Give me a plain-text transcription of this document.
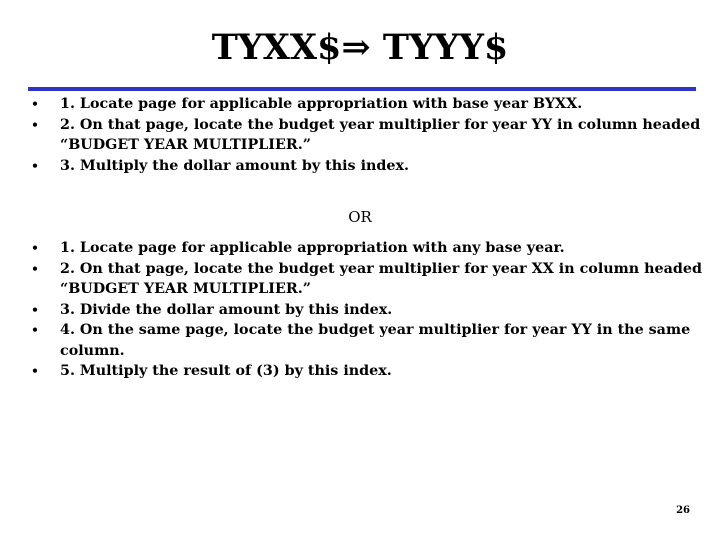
TYXX$⇒ TYYY$
• 1. Locate page for applicable appropriation with base year BYXX.
• 2. On that page, locate the budget year multiplier for year YY in column headed
“BUDGET YEAR MULTIPLIER.”
• 3. Multiply the dollar amount by this index.
OR
• 1. Locate page for applicable appropriation with any base year.
• 2. On that page, locate the budget year multiplier for year XX in column headed
“BUDGET YEAR MULTIPLIER.”
• 3. Divide the dollar amount by this index.
• 4. On the same page, locate the budget year multiplier for year YY in the same
column.
• 5. Multiply the result of (3) by this index.
26
